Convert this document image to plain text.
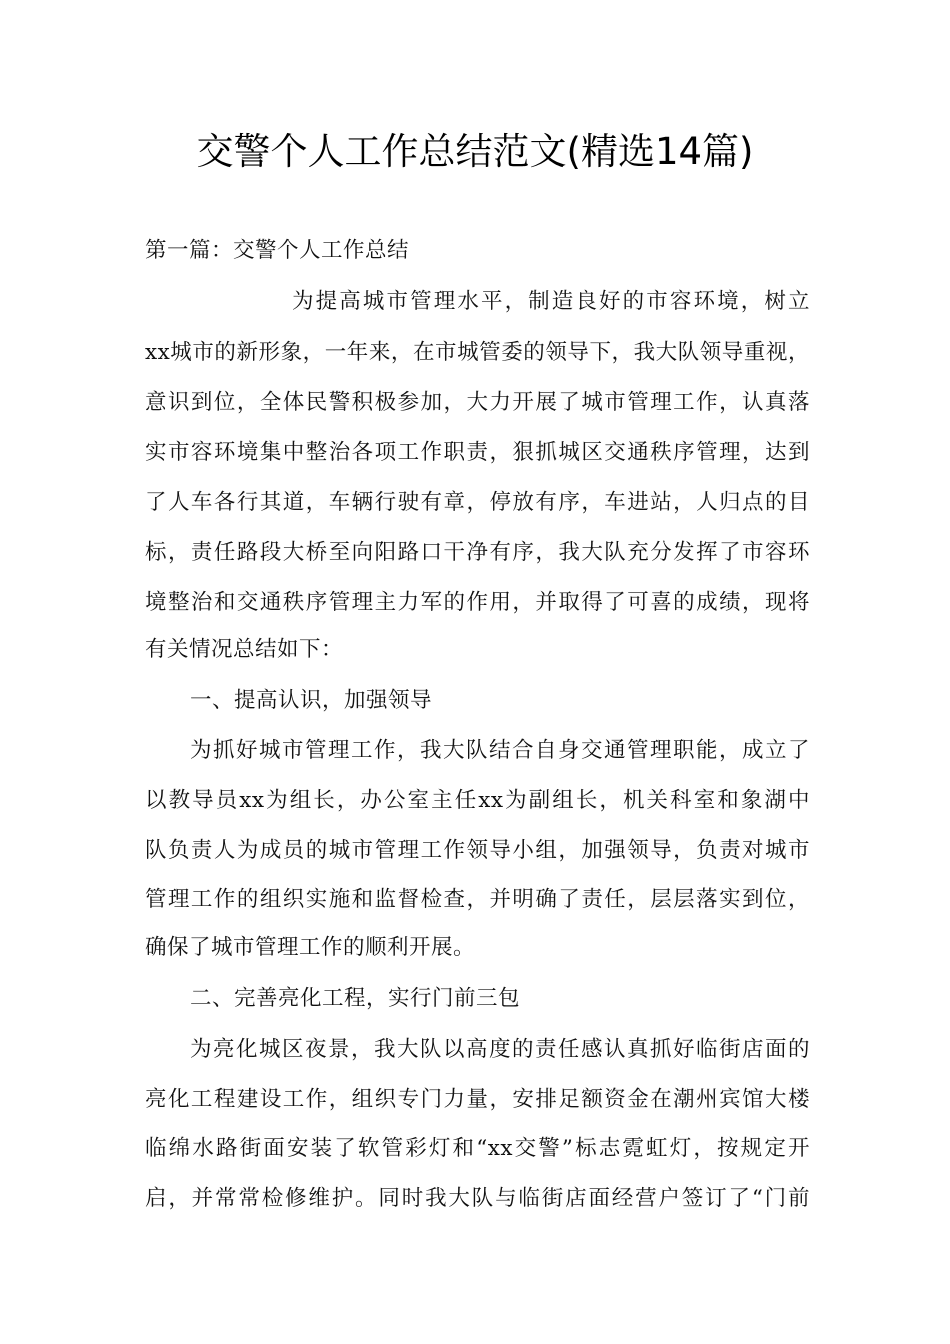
交警个人工作总结范文(精选14篇)
第一篇：交警个人工作总结
为提高城市管理水平，制造良好的市容环境，树立
xx城市的新形象，一年来，在市城管委的领导下，我大队领导重视，
意识到位，全体民警积极参加，大力开展了城市管理工作，认真落
实市容环境集中整治各项工作职责，狠抓城区交通秩序管理，达到
了人车各行其道，车辆行驶有章，停放有序，车进站，人归点的目
标，责任路段大桥至向阳路口干净有序，我大队充分发挥了市容环
境整治和交通秩序管理主力军的作用，并取得了可喜的成绩，现将
有关情况总结如下：
一、提高认识，加强领导
为抓好城市管理工作，我大队结合自身交通管理职能，成立了
以教导员xx为组长，办公室主任xx为副组长，机关科室和象湖中
队负责人为成员的城市管理工作领导小组，加强领导，负责对城市
管理工作的组织实施和监督检查，并明确了责任，层层落实到位，
确保了城市管理工作的顺利开展。
二、完善亮化工程，实行门前三包
为亮化城区夜景，我大队以高度的责任感认真抓好临街店面的
亮化工程建设工作，组织专门力量，安排足额资金在潮州宾馆大楼
临绵水路街面安装了软管彩灯和“xx交警”标志霓虹灯，按规定开
启，并常常检修维护。同时我大队与临街店面经营户签订了“门前
